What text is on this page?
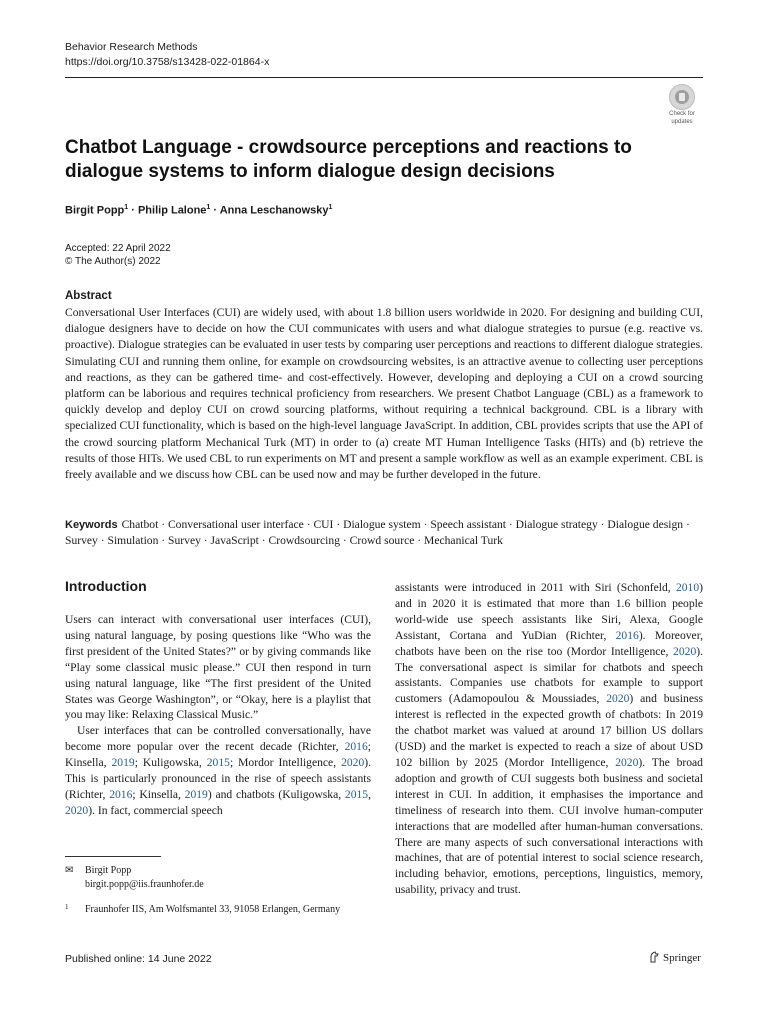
Behavior Research Methods
https://doi.org/10.3758/s13428-022-01864-x
Check for
updates
Chatbot Language - crowdsource perceptions and reactions to dialogue systems to inform dialogue design decisions
Birgit Popp$^1$ · Philip Lalone$^1$ · Anna Leschanowsky$^1$
Accepted: 22 April 2022
© The Author(s) 2022
Abstract

Conversational User Interfaces (CUI) are widely used, with about 1.8 billion users worldwide in 2020. For designing and building CUI, dialogue designers have to decide on how the CUI communicates with users and what dialogue strategies to pursue (e.g. reactive vs. proactive). Dialogue strategies can be evaluated in user tests by comparing user perceptions and reactions to different dialogue strategies. Simulating CUI and running them online, for example on crowdsourcing websites, is an attractive avenue to collecting user perceptions and reactions, as they can be gathered time- and cost-effectively. However, developing and deploying a CUI on a crowd sourcing platform can be laborious and requires technical proficiency from researchers. We present Chatbot Language (CBL) as a framework to quickly develop and deploy CUI on crowd sourcing platforms, without requiring a technical background. CBL is a library with specialized CUI functionality, which is based on the high-level language JavaScript. In addition, CBL provides scripts that use the API of the crowd sourcing platform Mechanical Turk (MT) in order to (a) create MT Human Intelligence Tasks (HITs) and (b) retrieve the results of those HITs. We used CBL to run experiments on MT and present a sample workflow as well as an example experiment. CBL is freely available and we discuss how CBL can be used now and may be further developed in the future.

Keywords Chatbot · Conversational user interface · CUI · Dialogue system · Speech assistant · Dialogue strategy · Dialogue design · Survey · Simulation · Survey · JavaScript · Crowdsourcing · Crowd source · Mechanical Turk

Introduction

Users can interact with conversational user interfaces (CUI), using natural language, by posing questions like “Who was the first president of the United States?” or by giving commands like “Play some classical music please.” CUI then respond in turn using natural language, like “The first president of the United States was George Washington”, or “Okay, here is a playlist that you may like: Relaxing Classical Music.”

User interfaces that can be controlled conversationally, have become more popular over the recent decade (Richter, 2016; Kinsella, 2019; Kuligowska, 2015; Mordor Intelligence, 2020). This is particularly pronounced in the rise of speech assistants (Richter, 2016; Kinsella, 2019) and chatbots (Kuligowska, 2015, 2020). In fact, commercial speech

assistants were introduced in 2011 with Siri (Schonfeld, 2010) and in 2020 it is estimated that more than 1.6 billion people world-wide use speech assistants like Siri, Alexa, Google Assistant, Cortana and YuDian (Richter, 2016). Moreover, chatbots have been on the rise too (Mordor Intelligence, 2020). The conversational aspect is similar for chatbots and speech assistants. Companies use chatbots for example to support customers (Adamopoulou & Moussiades, 2020) and business interest is reflected in the expected growth of chatbots: In 2019 the chatbot market was valued at around 17 billion US dollars (USD) and the market is expected to reach a size of about USD 102 billion by 2025 (Mordor Intelligence, 2020). The broad adoption and growth of CUI suggests both business and societal interest in CUI. In addition, it emphasises the importance and timeliness of research into them. CUI involve human-computer interactions that are modelled after human-human conversations. There are many aspects of such conversational interactions with machines, that are of potential interest to social science research, including behavior, emotions, perceptions, linguistics, memory, usability, privacy and trust.

✉ Birgit Popp
birgit.popp@iis.fraunhofer.de
1 Fraunhofer IIS, Am Wolfsmantel 33, 91058 Erlangen, Germany
Published online: 14 June 2022	Springer
